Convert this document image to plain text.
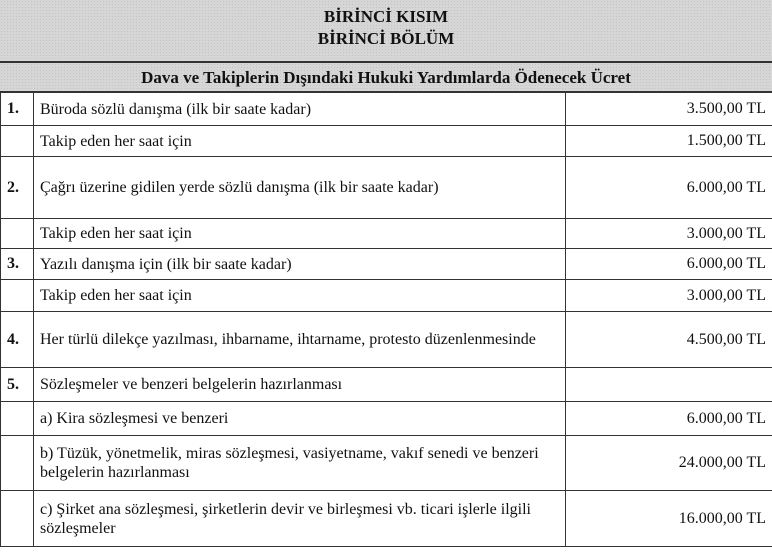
BİRİNCİ KISIM
BİRİNCİ BÖLÜM
Dava ve Takiplerin Dışındaki Hukuki Yardımlarda Ödenecek Ücret
1.	Büroda sözlü danışma (ilk bir saate kadar)	3.500,00 TL
	Takip eden her saat için	1.500,00 TL
2.	Çağrı üzerine gidilen yerde sözlü danışma (ilk bir saate kadar)	6.000,00 TL
	Takip eden her saat için	3.000,00 TL
3.	Yazılı danışma için (ilk bir saate kadar)	6.000,00 TL
	Takip eden her saat için	3.000,00 TL
4.	Her türlü dilekçe yazılması, ihbarname, ihtarname, protesto düzenlenmesinde	4.500,00 TL
5.	Sözleşmeler ve benzeri belgelerin hazırlanması	
	a) Kira sözleşmesi ve benzeri	6.000,00 TL
	b) Tüzük, yönetmelik, miras sözleşmesi, vasiyetname, vakıf senedi ve benzeri belgelerin hazırlanması	24.000,00 TL
	c) Şirket ana sözleşmesi, şirketlerin devir ve birleşmesi vb. ticari işlerle ilgili sözleşmeler	16.000,00 TL
